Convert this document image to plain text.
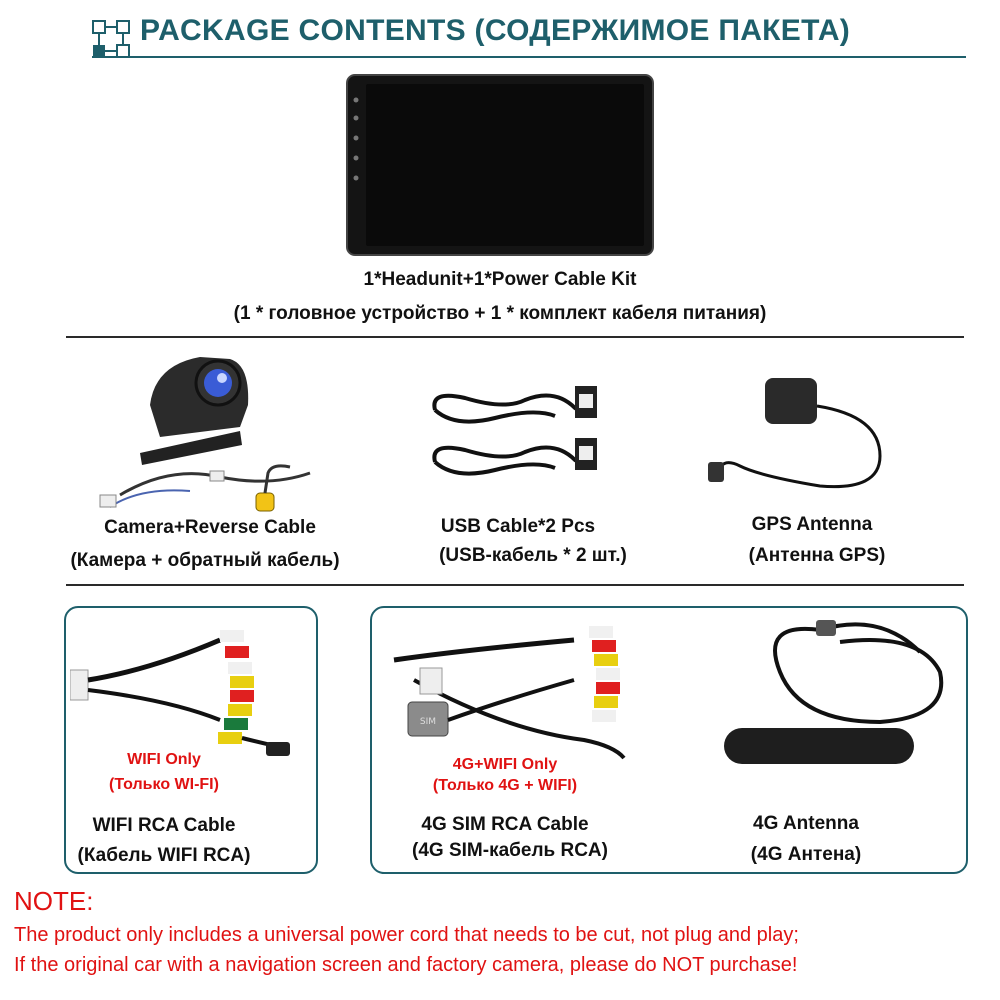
PACKAGE CONTENTS (СОДЕРЖИМОЕ ПАКЕТА)
1*Headunit+1*Power Cable Kit
(1 * головное устройство + 1 * комплект кабеля питания)
Camera+Reverse Cable
(Камера + обратный кабель)
USB Cable*2 Pcs
(USB-кабель * 2 шт.)
GPS Antenna
(Антенна GPS)
WIFI Only
(Только WI-FI)
WIFI RCA Cable
(Кабель WIFI RCA)
SIM
4G+WIFI Only
(Только 4G + WIFI)
4G SIM RCA Cable
(4G SIM-кабель RCA)
4G Antenna
(4G Антена)
NOTE:
The product only includes a universal power cord that needs to be cut, not plug and play;
If the original car with a navigation screen and factory camera, please do NOT purchase!
